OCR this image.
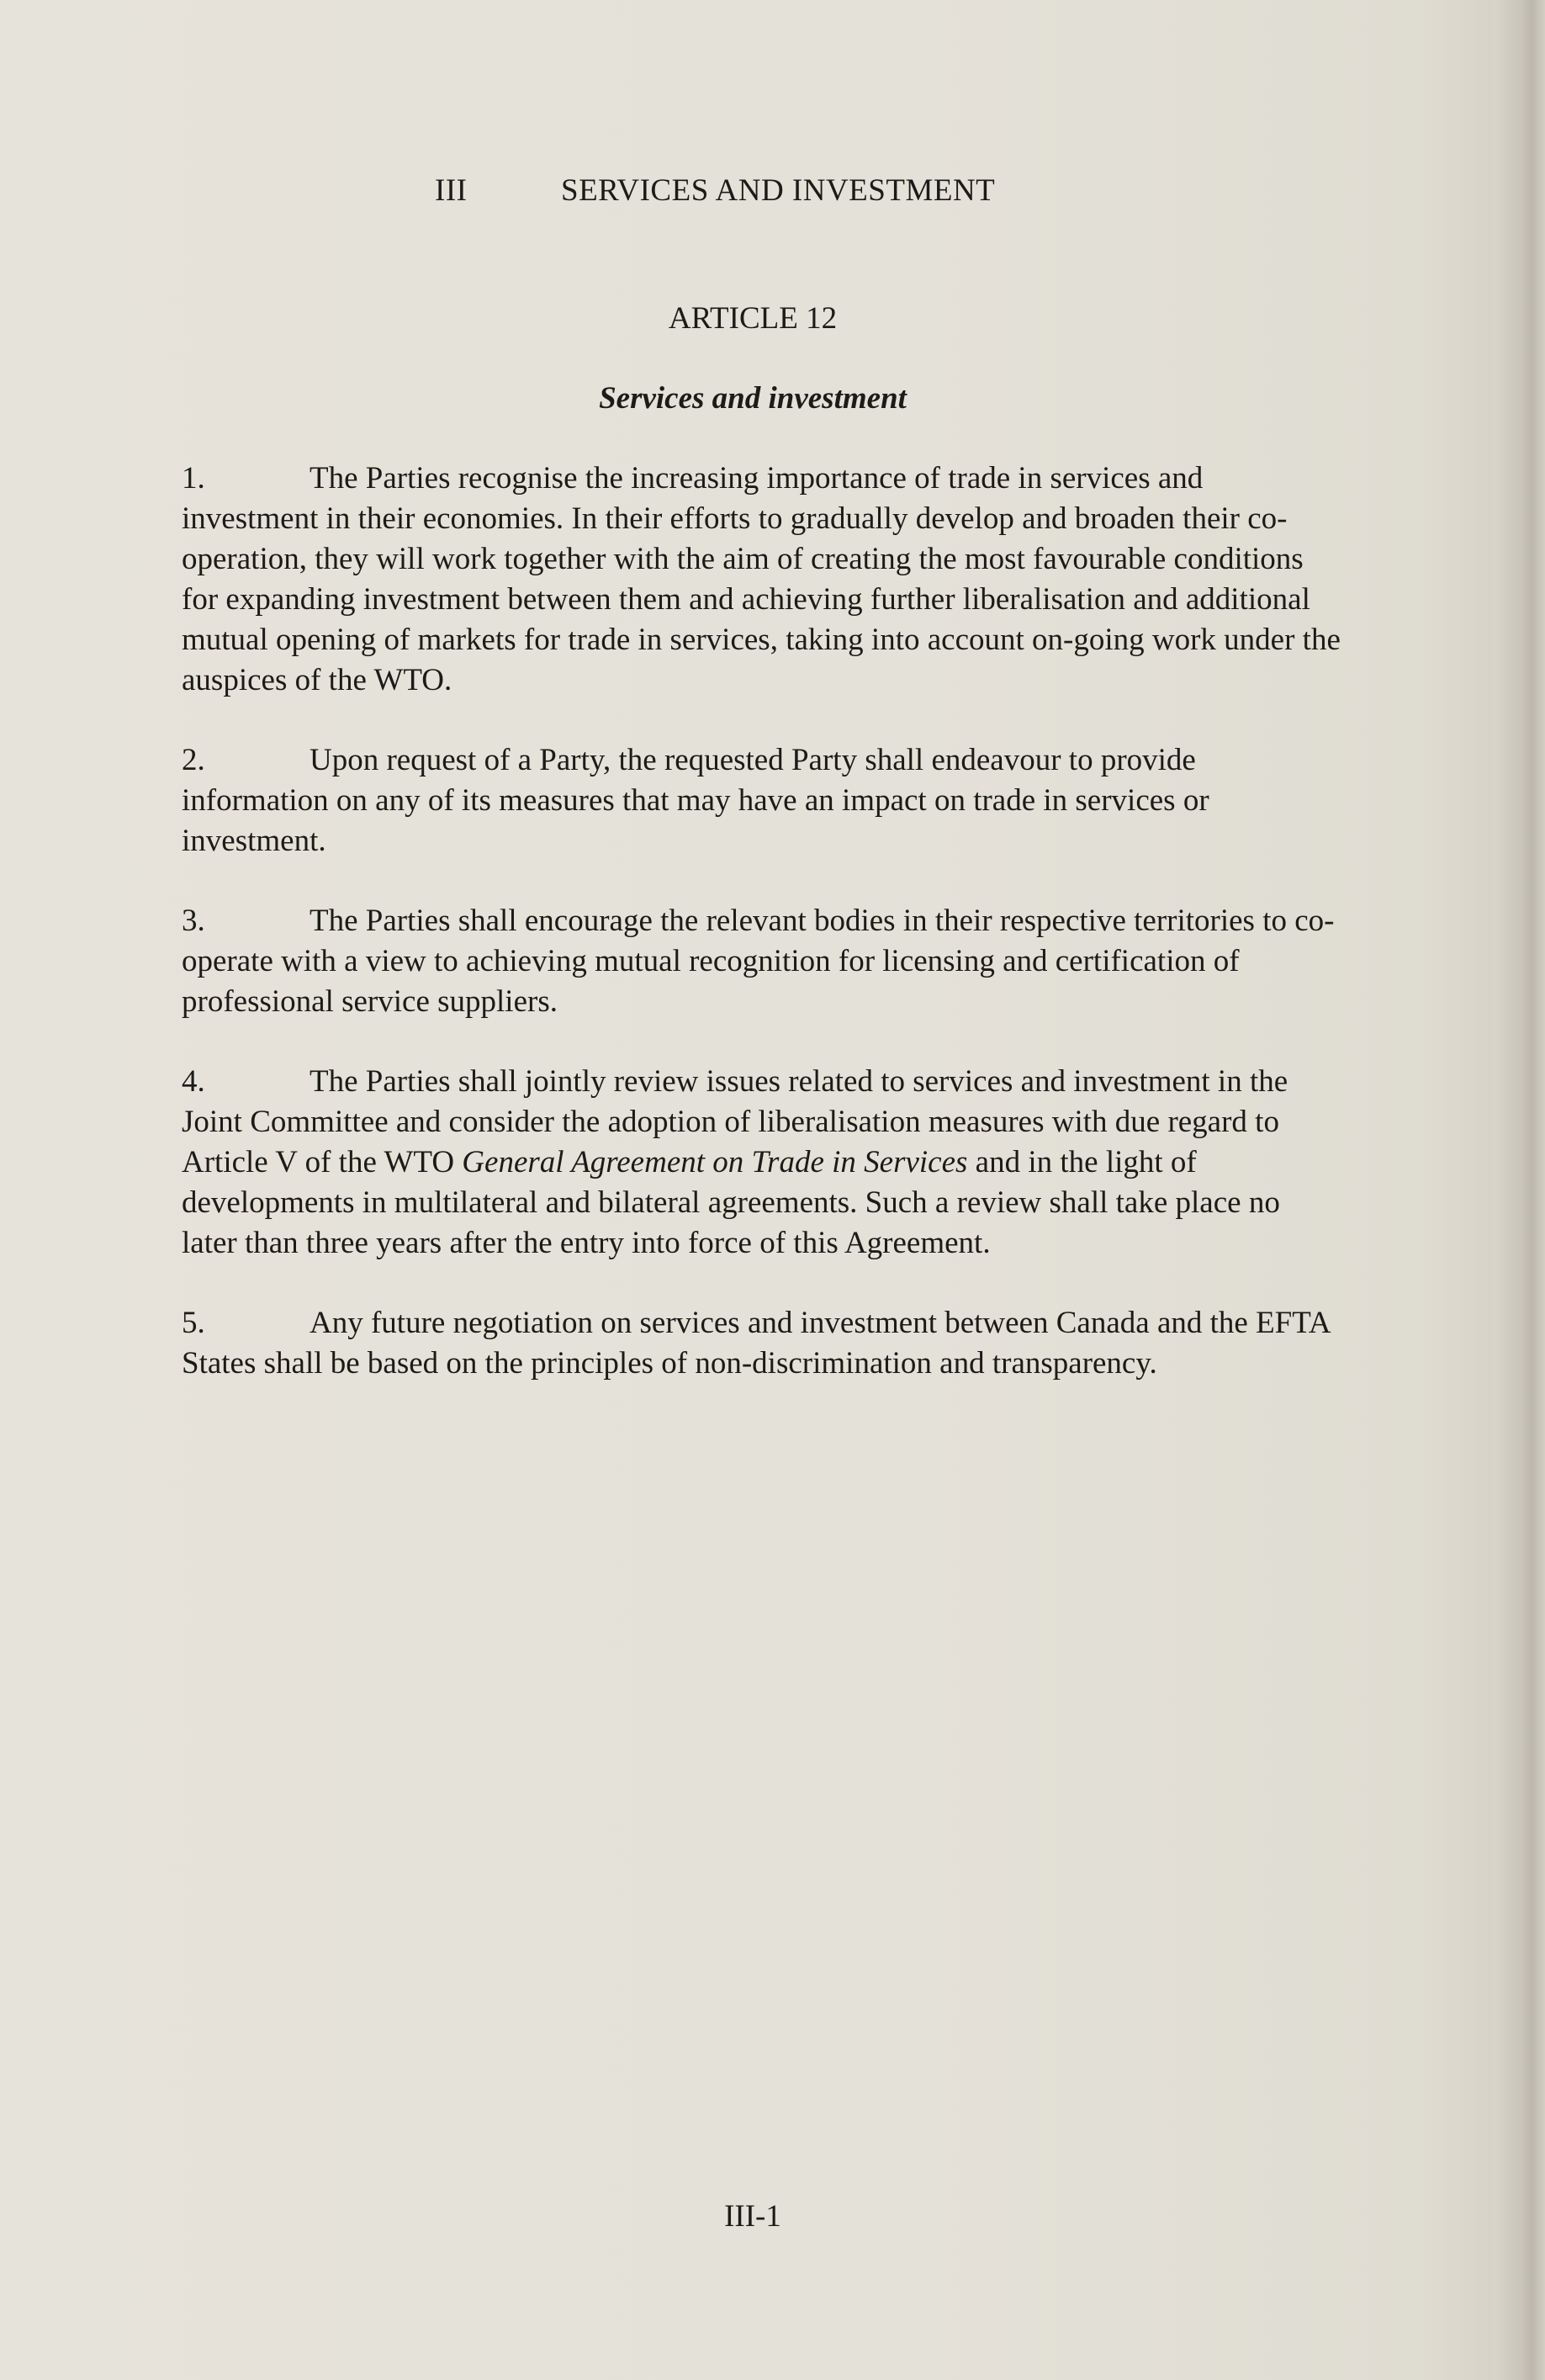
III	SERVICES AND INVESTMENT
ARTICLE 12
Services and investment

1.	The Parties recognise the increasing importance of trade in services and investment in their economies. In their efforts to gradually develop and broaden their co-operation, they will work together with the aim of creating the most favourable conditions for expanding investment between them and achieving further liberalisation and additional mutual opening of markets for trade in services, taking into account on-going work under the auspices of the WTO.

2.	Upon request of a Party, the requested Party shall endeavour to provide information on any of its measures that may have an impact on trade in services or investment.

3.	The Parties shall encourage the relevant bodies in their respective territories to co-operate with a view to achieving mutual recognition for licensing and certification of professional service suppliers.

4.	The Parties shall jointly review issues related to services and investment in the Joint Committee and consider the adoption of liberalisation measures with due regard to Article V of the WTO General Agreement on Trade in Services and in the light of developments in multilateral and bilateral agreements. Such a review shall take place no later than three years after the entry into force of this Agreement.

5.	Any future negotiation on services and investment between Canada and the EFTA States shall be based on the principles of non-discrimination and transparency.

III-1
